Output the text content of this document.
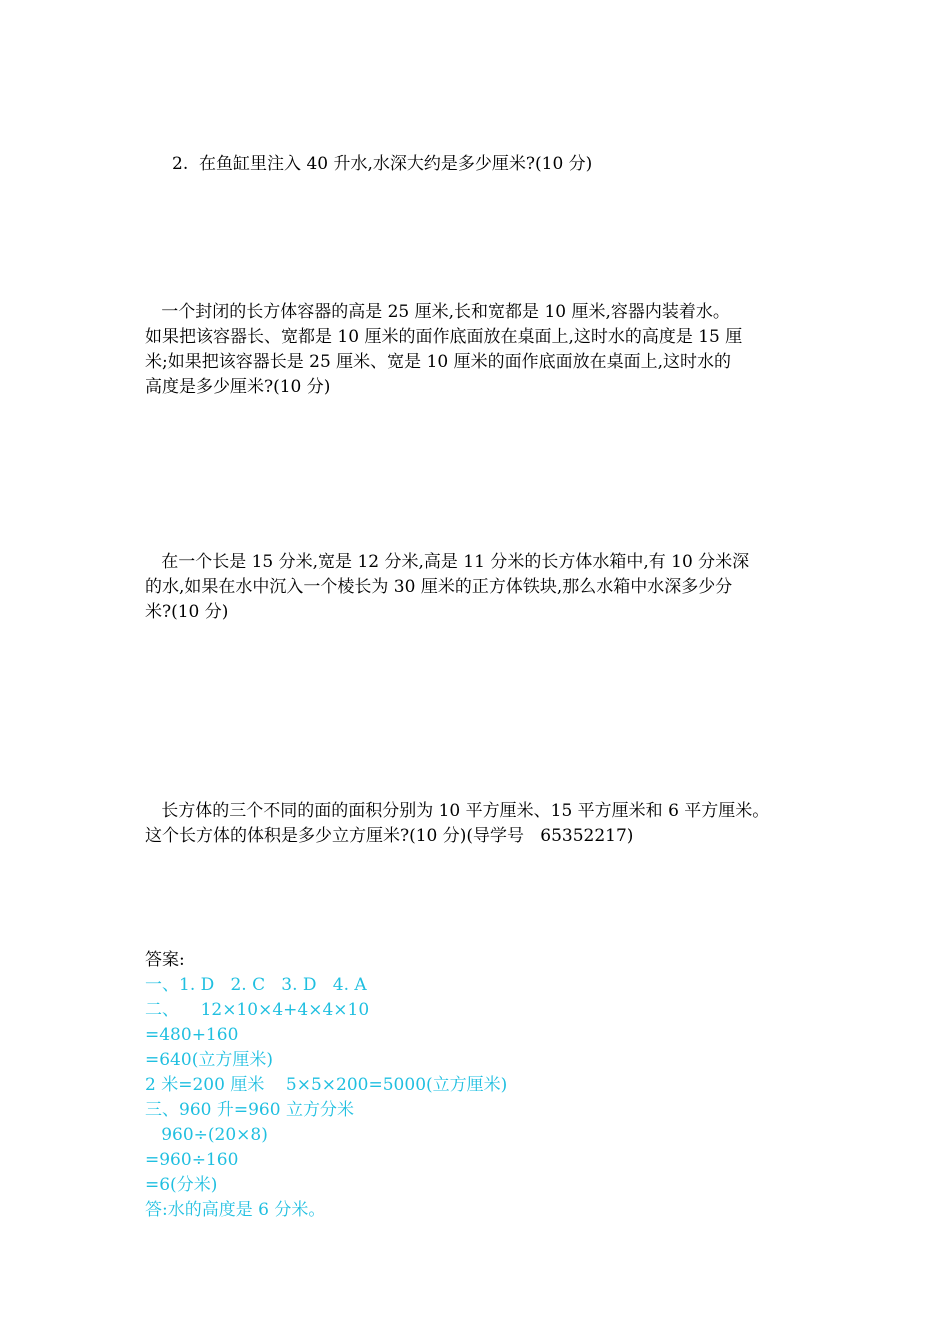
2.  在鱼缸里注入 40 升水,水深大约是多少厘米?(10 分)
一个封闭的长方体容器的高是 25 厘米,长和宽都是 10 厘米,容器内装着水。
如果把该容器长、宽都是 10 厘米的面作底面放在桌面上,这时水的高度是 15 厘
米;如果把该容器长是 25 厘米、宽是 10 厘米的面作底面放在桌面上,这时水的
高度是多少厘米?(10 分)
在一个长是 15 分米,宽是 12 分米,高是 11 分米的长方体水箱中,有 10 分米深
的水,如果在水中沉入一个棱长为 30 厘米的正方体铁块,那么水箱中水深多少分
米?(10 分)
长方体的三个不同的面的面积分别为 10 平方厘米、15 平方厘米和 6 平方厘米。
这个长方体的体积是多少立方厘米?(10 分)(导学号   65352217)
答案:
一、1. D   2. C   3. D   4. A
二、    12×10×4+4×4×10
=480+160
=640(立方厘米)
2 米=200 厘米    5×5×200=5000(立方厘米)
三、960 升=960 立方分米
960÷(20×8)
=960÷160
=6(分米)
答:水的高度是 6 分米。
